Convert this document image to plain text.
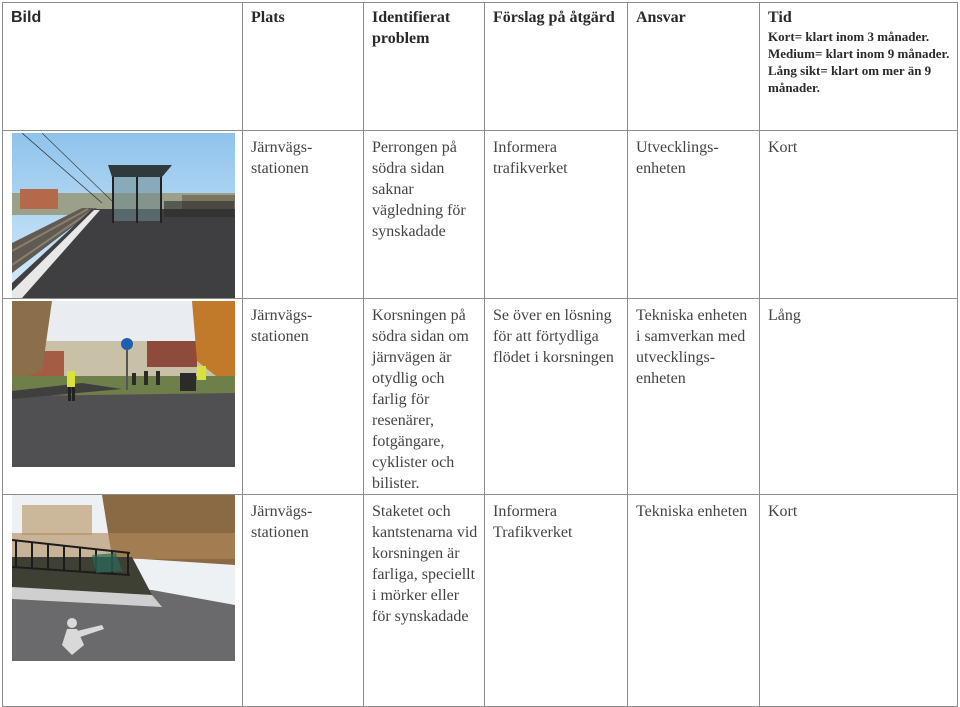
Bild	Plats	Identifierat problem	Förslag på åtgärd	Ansvar	Tid
Kort= klart inom 3 månader. Medium= klart inom 9 månader. Lång sikt= klart om mer än 9 månader.

	Järnvägs-stationen	Perrongen på södra sidan saknar vägledning för synskadade	Informera trafikverket	Utvecklings-enheten	Kort

	Järnvägs-stationen	Korsningen på södra sidan om järnvägen är otydlig och farlig för resenärer, fotgängare, cyklister och bilister.	Se över en lösning för att förtydliga flödet i korsningen	Tekniska enheten i samverkan med utvecklings-enheten	Lång

	Järnvägs-stationen	Staketet och kantstenarna vid korsningen är farliga, speciellt i mörker eller för synskadade	Informera Trafikverket	Tekniska enheten	Kort
